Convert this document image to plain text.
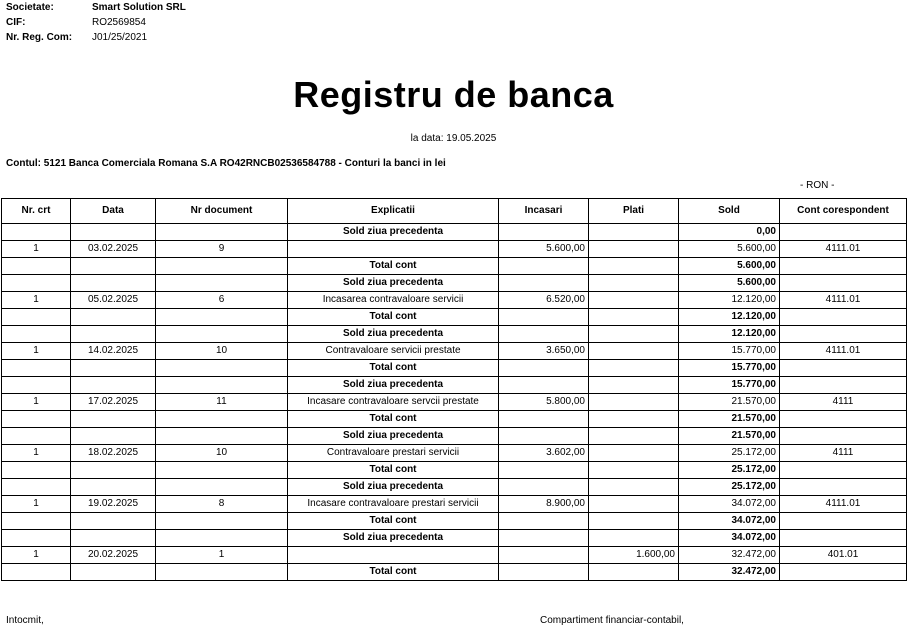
Societate:	Smart Solution SRL
CIF:	RO2569854
Nr. Reg. Com:	J01/25/2021
Registru de banca
la data: 19.05.2025
Contul: 5121 Banca Comerciala Romana S.A RO42RNCB02536584788 - Conturi la banci in lei
- RON -
Nr. crt	Data	Nr document	Explicatii	Incasari	Plati	Sold	Cont corespondent
			Sold ziua precedenta			0,00	
1	03.02.2025	9		5.600,00		5.600,00	4111.01
			Total cont			5.600,00	
			Sold ziua precedenta			5.600,00	
1	05.02.2025	6	Incasarea contravaloare servicii	6.520,00		12.120,00	4111.01
			Total cont			12.120,00	
			Sold ziua precedenta			12.120,00	
1	14.02.2025	10	Contravaloare servicii prestate	3.650,00		15.770,00	4111.01
			Total cont			15.770,00	
			Sold ziua precedenta			15.770,00	
1	17.02.2025	11	Incasare contravaloare servcii prestate	5.800,00		21.570,00	4111
			Total cont			21.570,00	
			Sold ziua precedenta			21.570,00	
1	18.02.2025	10	Contravaloare prestari servicii	3.602,00		25.172,00	4111
			Total cont			25.172,00	
			Sold ziua precedenta			25.172,00	
1	19.02.2025	8	Incasare contravaloare prestari servicii	8.900,00		34.072,00	4111.01
			Total cont			34.072,00	
			Sold ziua precedenta			34.072,00	
1	20.02.2025	1			1.600,00	32.472,00	401.01
			Total cont			32.472,00	
Intocmit,	Compartiment financiar-contabil,
